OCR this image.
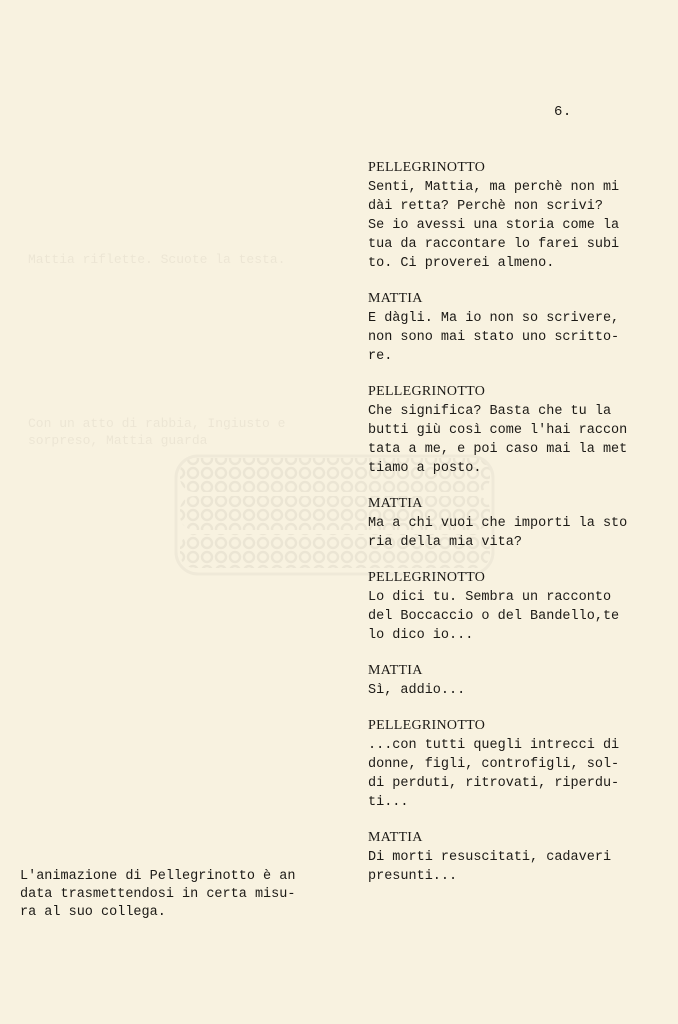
Mattia riflette. Scuote la testa.
Con un atto di rabbia, Ingiusto e
sorpreso, Mattia guarda
6.
PELLEGRINOTTO
Senti, Mattia, ma perchè non mi
dài retta? Perchè non scrivi?
Se io avessi una storia come la
tua da raccontare lo farei subi
to. Ci proverei almeno.
MATTIA
E dàgli. Ma io non so scrivere,
non sono mai stato uno scritto-
re.
PELLEGRINOTTO
Che significa? Basta che tu la
butti giù così come l'hai raccon
tata a me, e poi caso mai la met
tiamo a posto.
MATTIA
Ma a chi vuoi che importi la sto
ria della mia vita?
PELLEGRINOTTO
Lo dici tu. Sembra un racconto
del Boccaccio o del Bandello,te
lo dico io...
MATTIA
Sì, addio...
PELLEGRINOTTO
...con tutti quegli intrecci di
donne, figli, controfigli, sol-
di perduti, ritrovati, riperdu-
ti...
MATTIA
Di morti resuscitati, cadaveri
presunti...
L'animazione di Pellegrinotto è an
data trasmettendosi in certa misu-
ra al suo collega.
